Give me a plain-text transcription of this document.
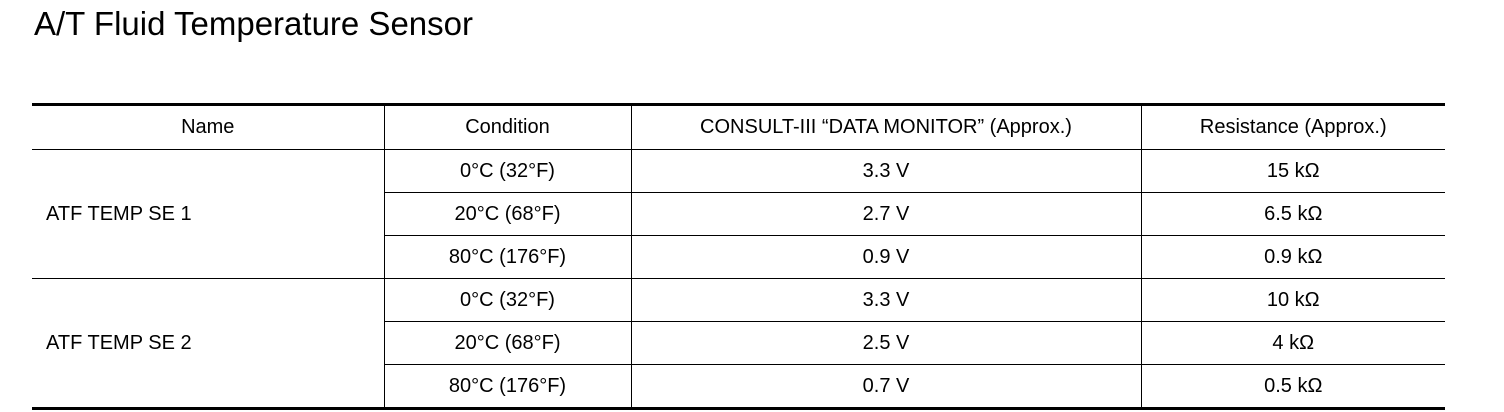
A/T Fluid Temperature Sensor
Name	Condition	CONSULT-III “DATA MONITOR” (Approx.)	Resistance (Approx.)
ATF TEMP SE 1	0°C (32°F)	3.3 V	15 kΩ
	20°C (68°F)	2.7 V	6.5 kΩ
	80°C (176°F)	0.9 V	0.9 kΩ
ATF TEMP SE 2	0°C (32°F)	3.3 V	10 kΩ
	20°C (68°F)	2.5 V	4 kΩ
	80°C (176°F)	0.7 V	0.5 kΩ
